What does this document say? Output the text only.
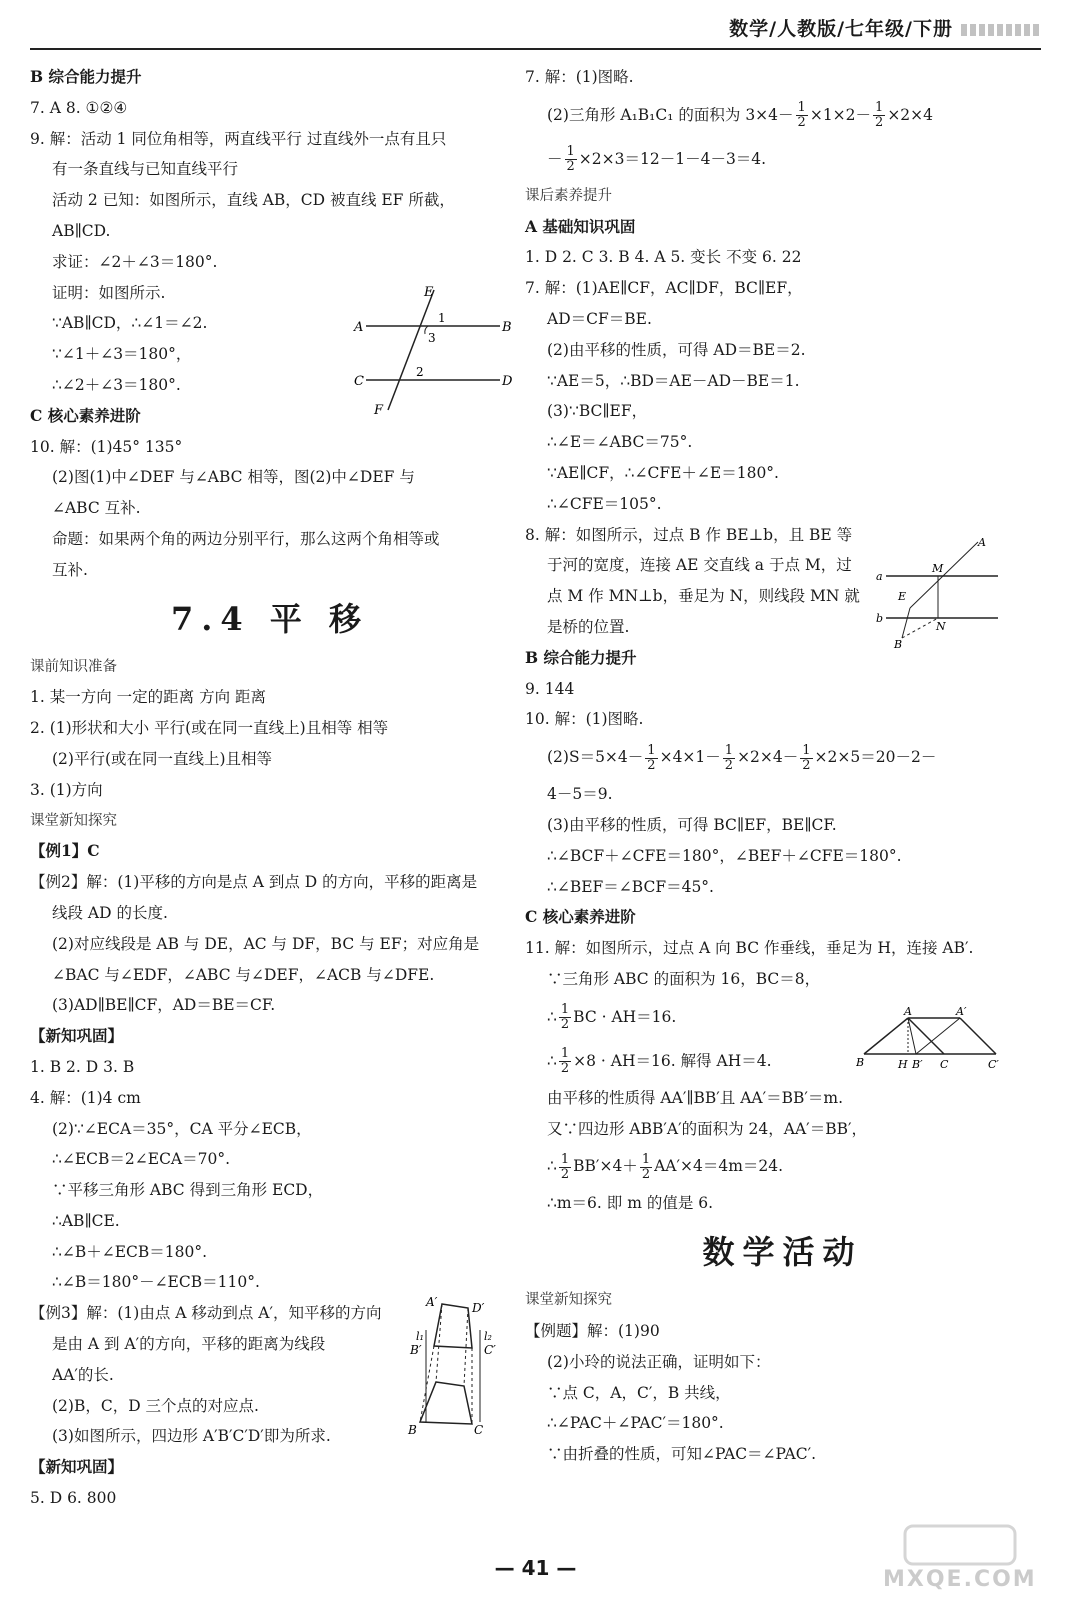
数学/人教版/七年级/下册
B 综合能力提升
7. A 8. ①②④
9. 解：活动 1 同位角相等，两直线平行 过直线外一点有且只
有一条直线与已知直线平行
活动 2 已知：如图所示，直线 AB，CD 被直线 EF 所截，
AB∥CD.
求证：∠2＋∠3＝180°.
证明：如图所示.
∵AB∥CD，∴∠1＝∠2.
∵∠1＋∠3＝180°，
∴∠2＋∠3＝180°.
C 核心素养进阶
10. 解：(1)45° 135°
(2)图(1)中∠DEF 与∠ABC 相等，图(2)中∠DEF 与
∠ABC 互补.
命题：如果两个角的两边分别平行，那么这两个角相等或
互补.
7.4 平 移
课前知识准备
1. 某一方向 一定的距离 方向 距离
2. (1)形状和大小 平行(或在同一直线上)且相等 相等
(2)平行(或在同一直线上)且相等
3. (1)方向
课堂新知探究
【例1】C
【例2】解：(1)平移的方向是点 A 到点 D 的方向，平移的距离是
线段 AD 的长度.
(2)对应线段是 AB 与 DE，AC 与 DF，BC 与 EF；对应角是
∠BAC 与∠EDF，∠ABC 与∠DEF，∠ACB 与∠DFE.
(3)AD∥BE∥CF，AD＝BE＝CF.
【新知巩固】
1. B 2. D 3. B
4. 解：(1)4 cm
(2)∵∠ECA＝35°，CA 平分∠ECB，
∴∠ECB＝2∠ECA＝70°.
∵平移三角形 ABC 得到三角形 ECD，
∴AB∥CE.
∴∠B＋∠ECB＝180°.
∴∠B＝180°－∠ECB＝110°.
【例3】解：(1)由点 A 移动到点 A′，知平移的方向
是由 A 到 A′的方向，平移的距离为线段
AA′的长.
(2)B，C，D 三个点的对应点.
(3)如图所示，四边形 A′B′C′D′即为所求.
【新知巩固】
5. D 6. 800
7. 解：(1)图略.
(2)三角形 A₁B₁C₁ 的面积为 $3\times 4- \frac{1}{2} \times 1\times 2- \frac{1}{2} \times 2\times 4$
－ $\frac{1}{2} \times 2\times 3=12-1-4-3=4$.
课后素养提升
A 基础知识巩固
1. D 2. C 3. B 4. A 5. 变长 不变 6. 22
7. 解：(1)AE∥CF，AC∥DF，BC∥EF，
AD＝CF＝BE.
(2)由平移的性质，可得 AD＝BE＝2.
∵AE＝5，∴BD＝AE－AD－BE＝1.
(3)∵BC∥EF，
∴∠E＝∠ABC＝75°.
∵AE∥CF，∴∠CFE＋∠E＝180°.
∴∠CFE＝105°.
8. 解：如图所示，过点 B 作 BE⊥b，且 BE 等
于河的宽度，连接 AE 交直线 a 于点 M，过
点 M 作 MN⊥b，垂足为 N，则线段 MN 就
是桥的位置.
B 综合能力提升
9. 144
10. 解：(1)图略.
$(2)S=5\times 4- \frac{1}{2} \times 4\times 1- \frac{1}{2} \times 2\times 4- \frac{1}{2} \times 2\times 5=20-2-$
4－5＝9.
(3)由平移的性质，可得 BC∥EF，BE∥CF.
∴∠BCF＋∠CFE＝180°，∠BEF＋∠CFE＝180°.
∴∠BEF＝∠BCF＝45°.
C 核心素养进阶
11. 解：如图所示，过点 A 向 BC 作垂线，垂足为 H，连接 AB′.
∵三角形 ABC 的面积为 16，BC＝8，
∴ $\frac{1}{2}$ BC · AH＝16.
∴ $\frac{1}{2} \times 8 \cdot AH=16$. 解得 AH＝4.
由平移的性质得 AA′∥BB′且 AA′＝BB′＝m.
又∵四边形 ABB′A′的面积为 24，AA′＝BB′，
∴ $\frac{1}{2} BB'\times 4+ \frac{1}{2} AA'\times 4=4m=24$.
∴m＝6. 即 m 的值是 6.
数学活动
课堂新知探究
【例题】解：(1)90
(2)小玲的说法正确，证明如下：
∵点 C，A，C′，B 共线，
∴∠PAC＋∠PAC′＝180°.
∵由折叠的性质，可知∠PAC＝∠PAC′.
A	B
C	D
E
F
1
2
3
A′	D′
B′	C′
l₁	l₂
B	C
A
M
N
E
B
a
b
A	A′
B	H B′ C	C′
— 41 —	MXQE.COM
